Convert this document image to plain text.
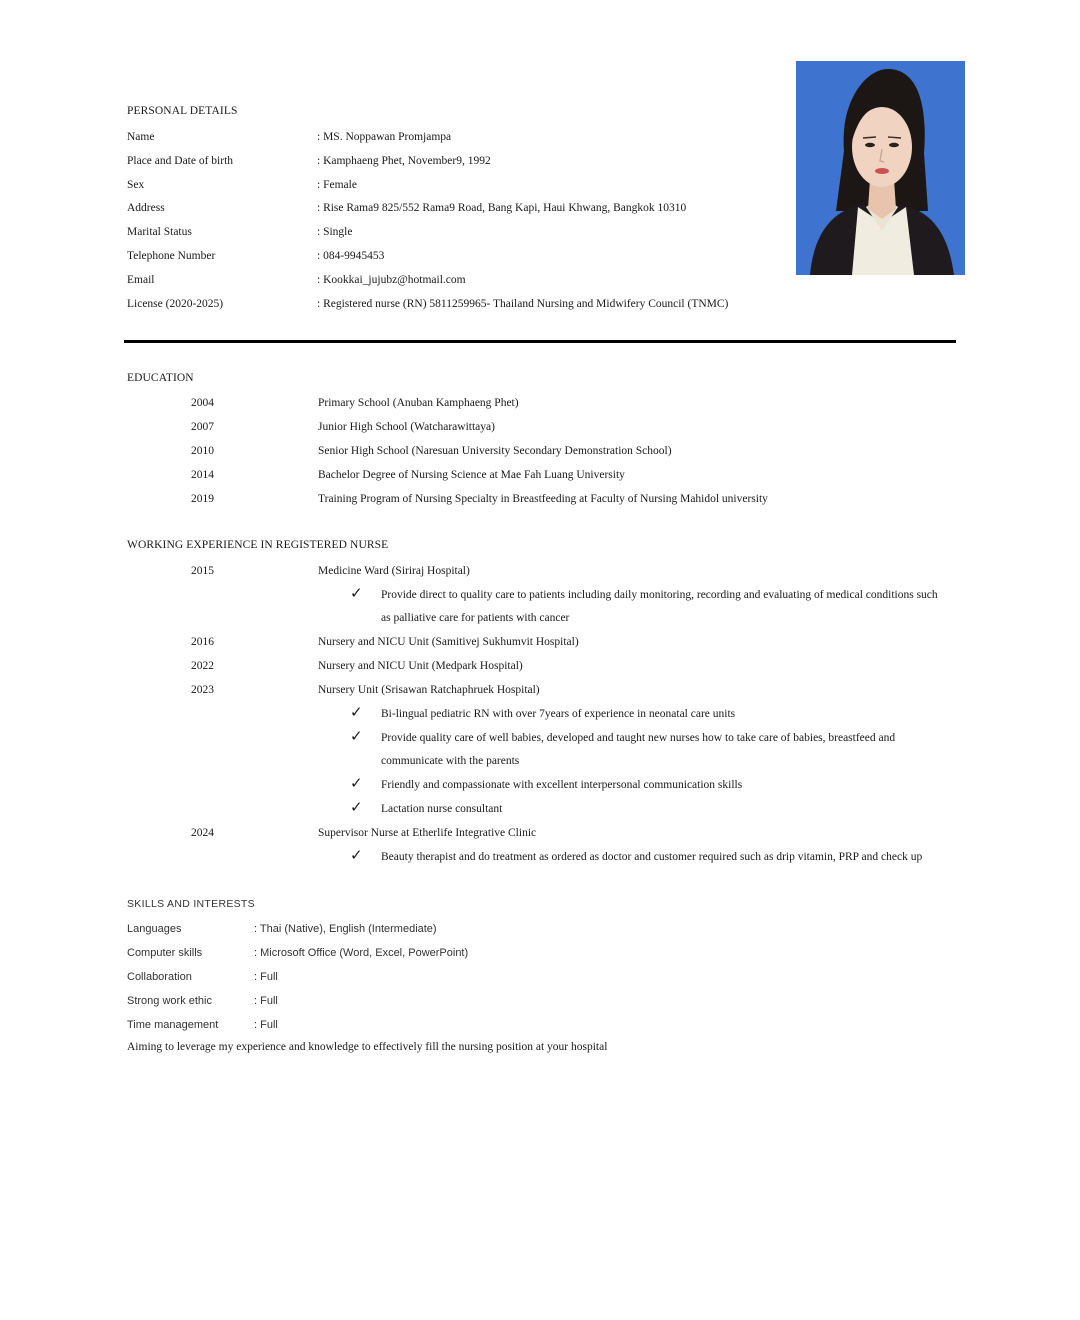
PERSONAL DETAILS
Name	: MS. Noppawan Promjampa
Place and Date of birth	: Kamphaeng Phet, November9, 1992
Sex	: Female
Address	: Rise Rama9 825/552 Rama9 Road, Bang Kapi, Haui Khwang, Bangkok 10310
Marital Status	: Single
Telephone Number	: 084-9945453
Email	: Kookkai_jujubz@hotmail.com
License (2020-2025)	: Registered nurse (RN) 5811259965- Thailand Nursing and Midwifery Council (TNMC)
EDUCATION
2004	Primary School (Anuban Kamphaeng Phet)
2007	Junior High School (Watcharawittaya)
2010	Senior High School (Naresuan University Secondary Demonstration School)
2014	Bachelor Degree of Nursing Science at Mae Fah Luang University
2019	Training Program of Nursing Specialty in Breastfeeding at Faculty of Nursing Mahidol university
WORKING EXPERIENCE IN REGISTERED NURSE
2015	Medicine Ward (Siriraj Hospital)
✓ Provide direct to quality care to patients including daily monitoring, recording and evaluating of medical conditions such
as palliative care for patients with cancer
2016	Nursery and NICU Unit (Samitivej Sukhumvit Hospital)
2022	Nursery and NICU Unit (Medpark Hospital)
2023	Nursery Unit (Srisawan Ratchaphruek Hospital)
✓ Bi-lingual pediatric RN with over 7years of experience in neonatal care units
✓ Provide quality care of well babies, developed and taught new nurses how to take care of babies, breastfeed and
communicate with the parents
✓ Friendly and compassionate with excellent interpersonal communication skills
✓ Lactation nurse consultant
2024	Supervisor Nurse at Etherlife Integrative Clinic
✓ Beauty therapist and do treatment as ordered as doctor and customer required such as drip vitamin, PRP and check up
SKILLS AND INTERESTS
Languages	: Thai (Native), English (Intermediate)
Computer skills	: Microsoft Office (Word, Excel, PowerPoint)
Collaboration	: Full
Strong work ethic	: Full
Time management	: Full
Aiming to leverage my experience and knowledge to effectively fill the nursing position at your hospital
